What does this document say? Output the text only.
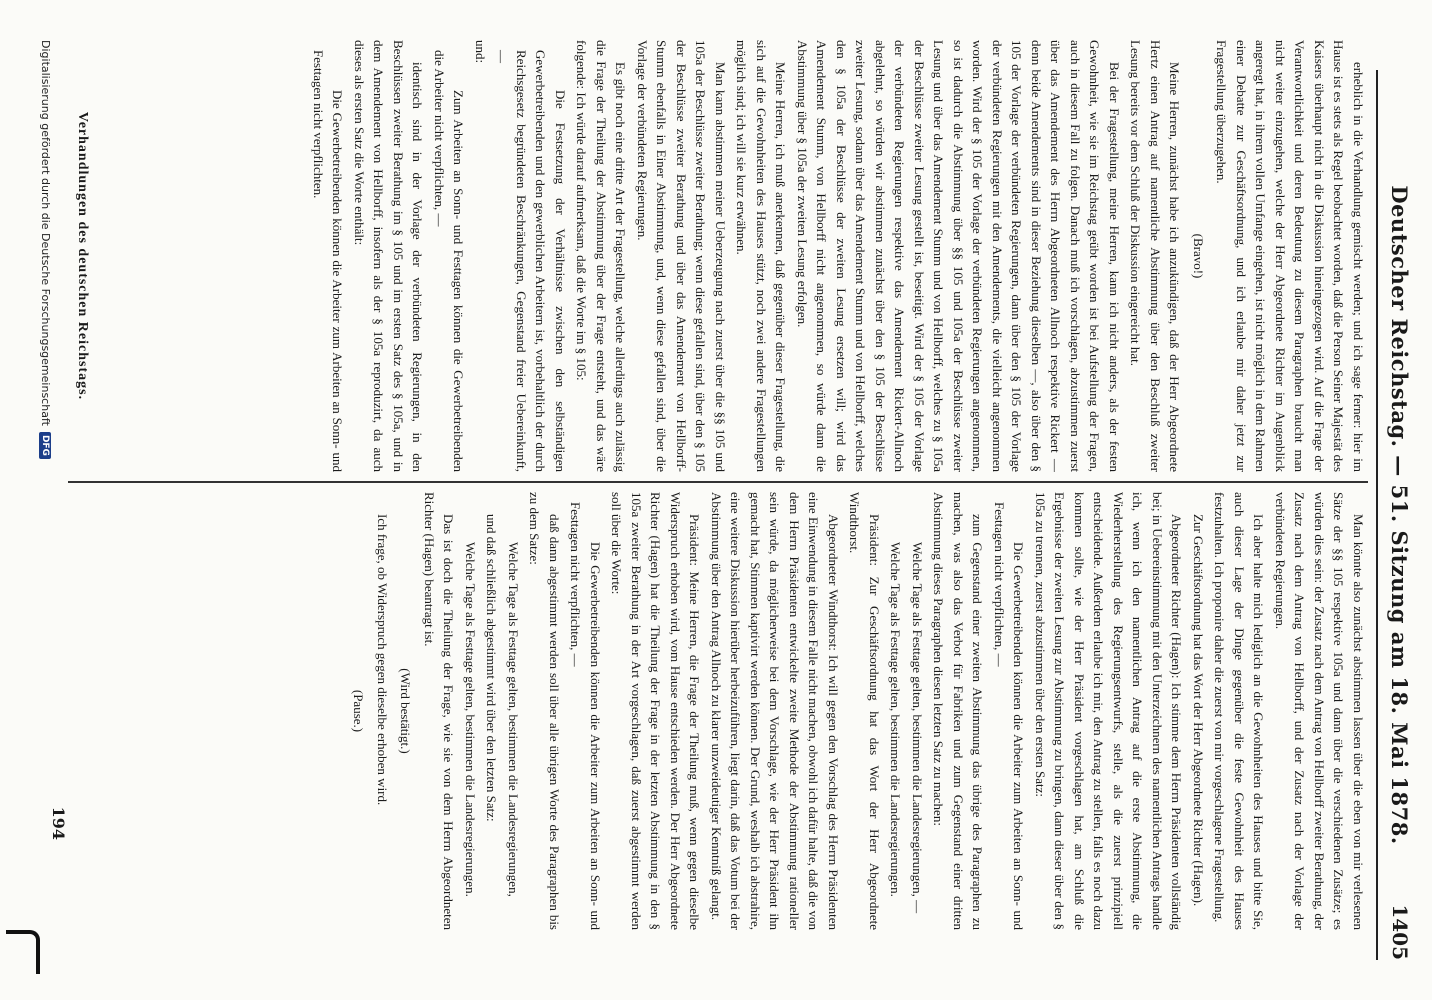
Deutscher Reichstag. — 51. Sitzung am 18. Mai 1878.
1405

erheblich in die Verhandlung gemischt werden; und ich sage ferner: hier im Hause ist es stets als Regel beobachtet worden, daß die Person Seiner Majestät des Kaisers überhaupt nicht in die Diskussion hineingezogen wird. Auf die Frage der Verantwortlichkeit und deren Bedeutung zu diesem Paragraphen braucht man nicht weiter einzugehen, welche der Herr Abgeordnete Richter im Augenblick angeregt hat, in ihrem vollen Umfange eingehen, ist nicht möglich in dem Rahmen einer Debatte zur Geschäftsordnung, und ich erlaube mir daher jetzt zur Fragestellung überzugehen.

(Bravo!)

Meine Herren, zunächst habe ich anzukündigen, daß der Herr Abgeordnete Hertz einen Antrag auf namentliche Abstimmung über den Beschluß zweiter Lesung bereits vor dem Schluß der Diskussion eingereicht hat.

Bei der Fragestellung, meine Herren, kann ich nicht anders, als der festen Gewohnheit, wie sie im Reichstag geübt worden ist bei Aufstellung der Fragen, auch in diesem Fall zu folgen. Danach muß ich vorschlagen, abzustimmen zuerst über das Amendement des Herrn Abgeordneten Allnoch respektive Rickert — denn beide Amendements sind in dieser Beziehung dieselben —, also über den § 105 der Vorlage der verbündeten Regierungen, dann über den § 105 der Vorlage der verbündeten Regierungen mit den Amendements, die vielleicht angenommen worden. Wird der § 105 der Vorlage der verbündeten Regierungen angenommen, so ist dadurch die Abstimmung über §§ 105 und 105a der Beschlüsse zweiter Lesung und über das Amendement Stumm und von Hellborff, welches zu § 105a der Beschlüsse zweiter Lesung gestellt ist, beseitigt. Wird der § 105 der Vorlage der verbündeten Regierungen respektive das Amendement Rickert-Allnoch abgelehnt, so würden wir abstimmen zunächst über den § 105 der Beschlüsse zweiter Lesung, sodann über das Amendement Stumm und von Hellborff, welches den § 105a der Beschlüsse der zweiten Lesung ersetzen will; wird das Amendement Stumm, von Hellborff nicht angenommen, so würde dann die Abstimmung über § 105a der zweiten Lesung erfolgen.

Meine Herren, ich muß anerkennen, daß gegenüber dieser Fragestellung, die sich auf die Gewohnheiten des Hauses stützt, noch zwei andere Fragestellungen möglich sind; ich will sie kurz erwähnen.

Man kann abstimmen meiner Ueberzeugung nach zuerst über die §§ 105 und 105a der Beschlüsse zweiter Berathung; wenn diese gefallen sind, über den § 105 der Beschlüsse zweiter Berathung und über das Amendement von Hellborff-Stumm ebenfalls in Einer Abstimmung, und, wenn diese gefallen sind, über die Vorlage der verbündeten Regierungen.

Es gibt noch eine dritte Art der Fragestellung, welche allerdings auch zulässig die Frage der Theilung der Abstimmung über der Frage entsteht, und das wäre folgende: Ich würde darauf aufmerksam, daß die Worte im § 105:

Die Festsetzung der Verhältnisse zwischen den selbständigen Gewerbetreibenden und den gewerblichen Arbeitern ist, vorbehaltlich der durch Reichsgesetz begründeten Beschränkungen, Gegenstand freier Uebereinkunft, —

und:

Zum Arbeiten an Sonn- und Festtagen können die Gewerbetreibenden die Arbeiter nicht verpflichten, —

identisch sind in der Vorlage der verbündeten Regierungen, in den Beschlüssen zweiter Berathung im § 105 und im ersten Satz des § 105a, und in dem Amendement von Hellborff, insofern als der § 105a reproduzirt, da auch dieses als ersten Satz die Worte enthält:

Die Gewerbetreibenden können die Arbeiter zum Arbeiten an Sonn- und Festtagen nicht verpflichten.

Verhandlungen des deutschen Reichstags.

Man könnte also zunächst abstimmen lassen über die eben von mir verlesenen Sätze der §§ 105 respektive 105a und dann über die verschiedenen Zusätze; es würden dies sein: der Zusatz nach dem Antrag von Hellborff zweiter Berathung, der Zusatz nach dem Antrag von Hellborff, und der Zusatz nach der Vorlage der verbündeten Regierungen.

Ich aber halte mich lediglich an die Gewohnheiten des Hauses und bitte Sie, auch dieser Lage der Dinge gegenüber die feste Gewohnheit des Hauses festzuhalten. Ich proponire daher die zuerst von mir vorgeschlagene Fragestellung.

Zur Geschäftsordnung hat das Wort der Herr Abgeordnete Richter (Hagen).

Abgeordneter Richter (Hagen): Ich stimme dem Herrn Präsidenten vollständig bei; in Uebereinstimmung mit den Unterzeichnern des namentlichen Antrags handle ich, wenn ich den namentlichen Antrag auf die erste Abstimmung, die Wiederherstellung des Regierungsentwurfs, stelle, als die zuerst prinzipiell entscheidende. Außerdem erlaube ich mir, den Antrag zu stellen, falls es noch dazu kommen sollte, wie der Herr Präsident vorgeschlagen hat, am Schluß die Ergebnisse der zweiten Lesung zur Abstimmung zu bringen, dann dieser über den § 105a zu trennen, zuerst abzustimmen über den ersten Satz:

Die Gewerbetreibenden können die Arbeiter zum Arbeiten an Sonn- und Festtagen nicht verpflichten, —

zum Gegenstand einer zweiten Abstimmung das übrige des Paragraphen zu machen, was also das Verbot für Fabriken und zum Gegenstand einer dritten Abstimmung dieses Paragraphen diesen letzten Satz zu machen:

Welche Tage als Festtage gelten, bestimmen die Landesregierungen, —

Welche Tage als Festtage gelten, bestimmen die Landesregierungen.

Präsident: Zur Geschäftsordnung hat das Wort der Herr Abgeordnete Windthorst.

Abgeordneter Windthorst: Ich will gegen den Vorschlag des Herrn Präsidenten eine Einwendung in diesem Falle nicht machen, obwohl ich dafür halte, daß die von dem Herrn Präsidenten entwickelte zweite Methode der Abstimmung rationeller sein würde, da möglicherweise bei dem Vorschlage, wie der Herr Präsident ihn gemacht hat, Stimmen kaptivirt werden können. Der Grund, weshalb ich abstrahire, eine weitere Diskussion hierüber herbeizuführen, liegt darin, daß das Votum bei der Abstimmung über den Antrag Allnoch zu klarer unzweideutiger Kenntniß gelangt.

Präsident: Meine Herren, die Frage der Theilung muß, wenn gegen dieselbe Widerspruch erhoben wird, vom Hause entschieden werden. Der Herr Abgeordnete Richter (Hagen) hat die Theilung der Frage in der letzten Abstimmung in den § 105a zweiter Berathung in der Art vorgeschlagen, daß zuerst abgestimmt werden soll über die Worte:

Die Gewerbetreibenden können die Arbeiter zum Arbeiten an Sonn- und Festtagen nicht verpflichten, —

daß dann abgestimmt werden soll über alle übrigen Worte des Paragraphen bis zu dem Satze:

Welche Tage als Festtage gelten, bestimmen die Landesregierungen,

und daß schließlich abgestimmt wird über den letzten Satz:

Welche Tage als Festtage gelten, bestimmen die Landesregierungen.

Das ist doch die Theilung der Frage, wie sie von dem Herrn Abgeordneten Richter (Hagen) beantragt ist.

(Wird bestätigt.)

Ich frage, ob Widerspruch gegen dieselbe erhoben wird.

(Pause.)

194
Digitalisierung gefördert durch die Deutsche Forschungsgemeinschaft
DFG
